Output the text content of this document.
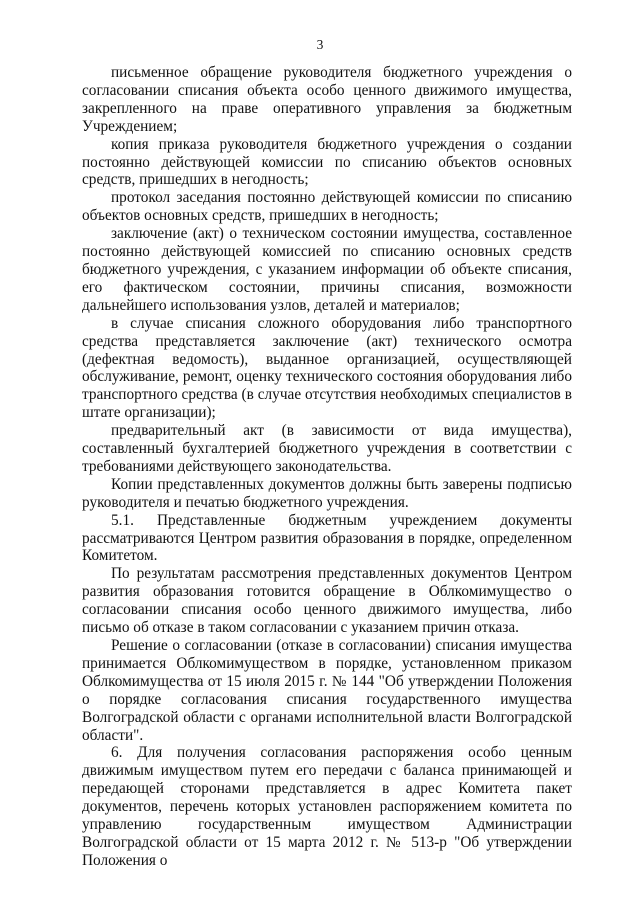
3

письменное обращение руководителя бюджетного учреждения о согласовании списания объекта особо ценного движимого имущества, закрепленного на праве оперативного управления за бюджетным Учреждением;

копия приказа руководителя бюджетного учреждения о создании постоянно действующей комиссии по списанию объектов основных средств, пришедших в негодность;

протокол заседания постоянно действующей комиссии по списанию объектов основных средств, пришедших в негодность;

заключение (акт) о техническом состоянии имущества, составленное постоянно действующей комиссией по списанию основных средств бюджетного учреждения, с указанием информации об объекте списания, его фактическом состоянии, причины списания, возможности дальнейшего использования узлов, деталей и материалов;

в случае списания сложного оборудования либо транспортного средства представляется заключение (акт) технического осмотра (дефектная ведомость), выданное организацией, осуществляющей обслуживание, ремонт, оценку технического состояния оборудования либо транспортного средства (в случае отсутствия необходимых специалистов в штате организации);

предварительный акт (в зависимости от вида имущества), составленный бухгалтерией бюджетного учреждения в соответствии с требованиями действующего законодательства.

Копии представленных документов должны быть заверены подписью руководителя и печатью бюджетного учреждения.

5.1. Представленные бюджетным учреждением документы рассматриваются Центром развития образования в порядке, определенном Комитетом.

По результатам рассмотрения представленных документов Центром развития образования готовится обращение в Облкомимущество о согласовании списания особо ценного движимого имущества, либо письмо об отказе в таком согласовании с указанием причин отказа.

Решение о согласовании (отказе в согласовании) списания имущества принимается Облкомимуществом в порядке, установленном приказом Облкомимущества от 15 июля 2015 г. № 144 "Об утверждении Положения о порядке согласования списания государственного имущества Волгоградской области с органами исполнительной власти Волгоградской области".

6. Для получения согласования распоряжения особо ценным движимым имуществом путем его передачи с баланса принимающей и передающей сторонами представляется в адрес Комитета пакет документов, перечень которых установлен распоряжением комитета по управлению государственным имуществом Администрации Волгоградской области от 15 марта 2012 г. № 513-р "Об утверждении Положения о
